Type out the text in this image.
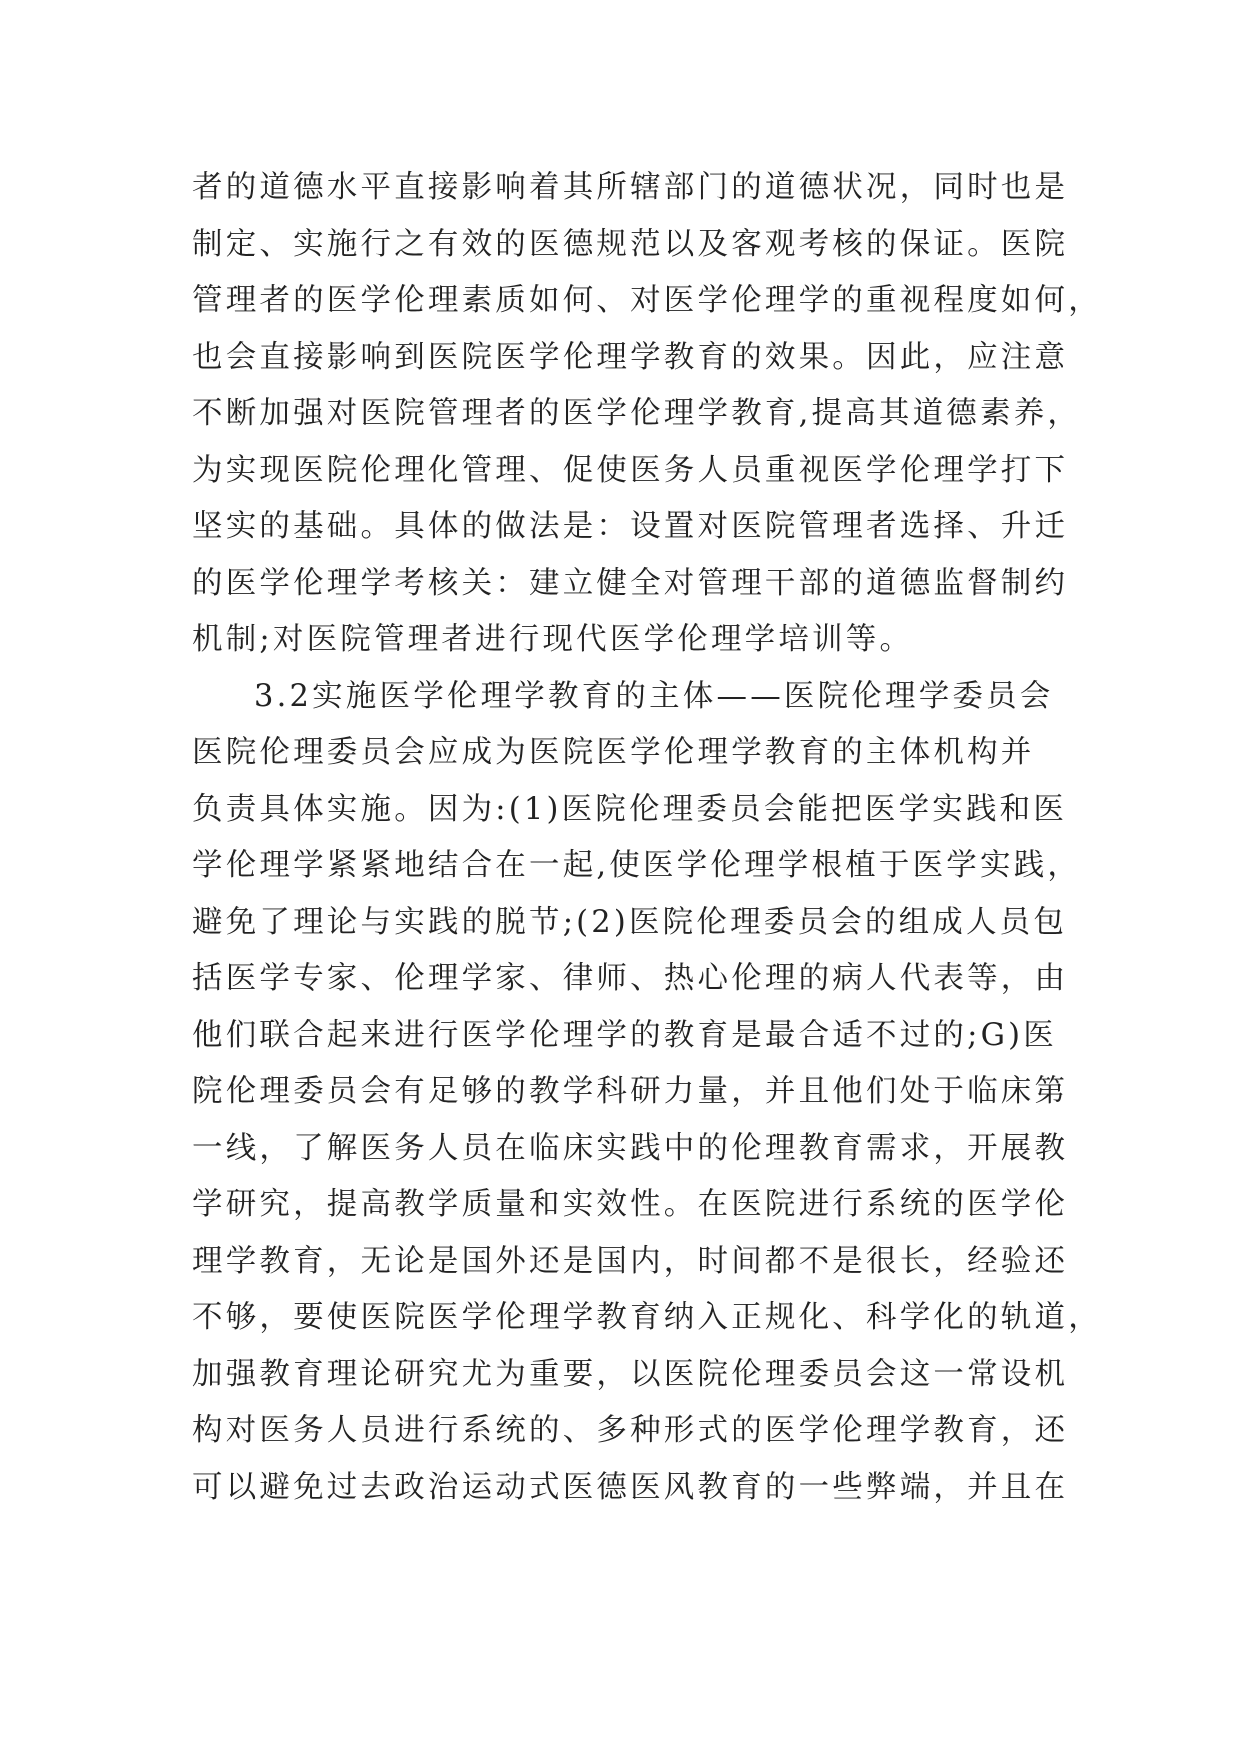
者的道德水平直接影响着其所辖部门的道德状况，同时也是
制定、实施行之有效的医德规范以及客观考核的保证。医院
管理者的医学伦理素质如何、对医学伦理学的重视程度如何，
也会直接影响到医院医学伦理学教育的效果。因此，应注意
不断加强对医院管理者的医学伦理学教育,提高其道德素养，
为实现医院伦理化管理、促使医务人员重视医学伦理学打下
坚实的基础。具体的做法是：设置对医院管理者选择、升迁
的医学伦理学考核关：建立健全对管理干部的道德监督制约
机制;对医院管理者进行现代医学伦理学培训等。
3.2实施医学伦理学教育的主体——医院伦理学委员会
医院伦理委员会应成为医院医学伦理学教育的主体机构并
负责具体实施。因为:(1)医院伦理委员会能把医学实践和医
学伦理学紧紧地结合在一起,使医学伦理学根植于医学实践，
避免了理论与实践的脱节;(2)医院伦理委员会的组成人员包
括医学专家、伦理学家、律师、热心伦理的病人代表等，由
他们联合起来进行医学伦理学的教育是最合适不过的;G)医
院伦理委员会有足够的教学科研力量，并且他们处于临床第
一线，了解医务人员在临床实践中的伦理教育需求，开展教
学研究，提高教学质量和实效性。在医院进行系统的医学伦
理学教育，无论是国外还是国内，时间都不是很长，经验还
不够，要使医院医学伦理学教育纳入正规化、科学化的轨道，
加强教育理论研究尤为重要，以医院伦理委员会这一常设机
构对医务人员进行系统的、多种形式的医学伦理学教育，还
可以避免过去政治运动式医德医风教育的一些弊端，并且在
